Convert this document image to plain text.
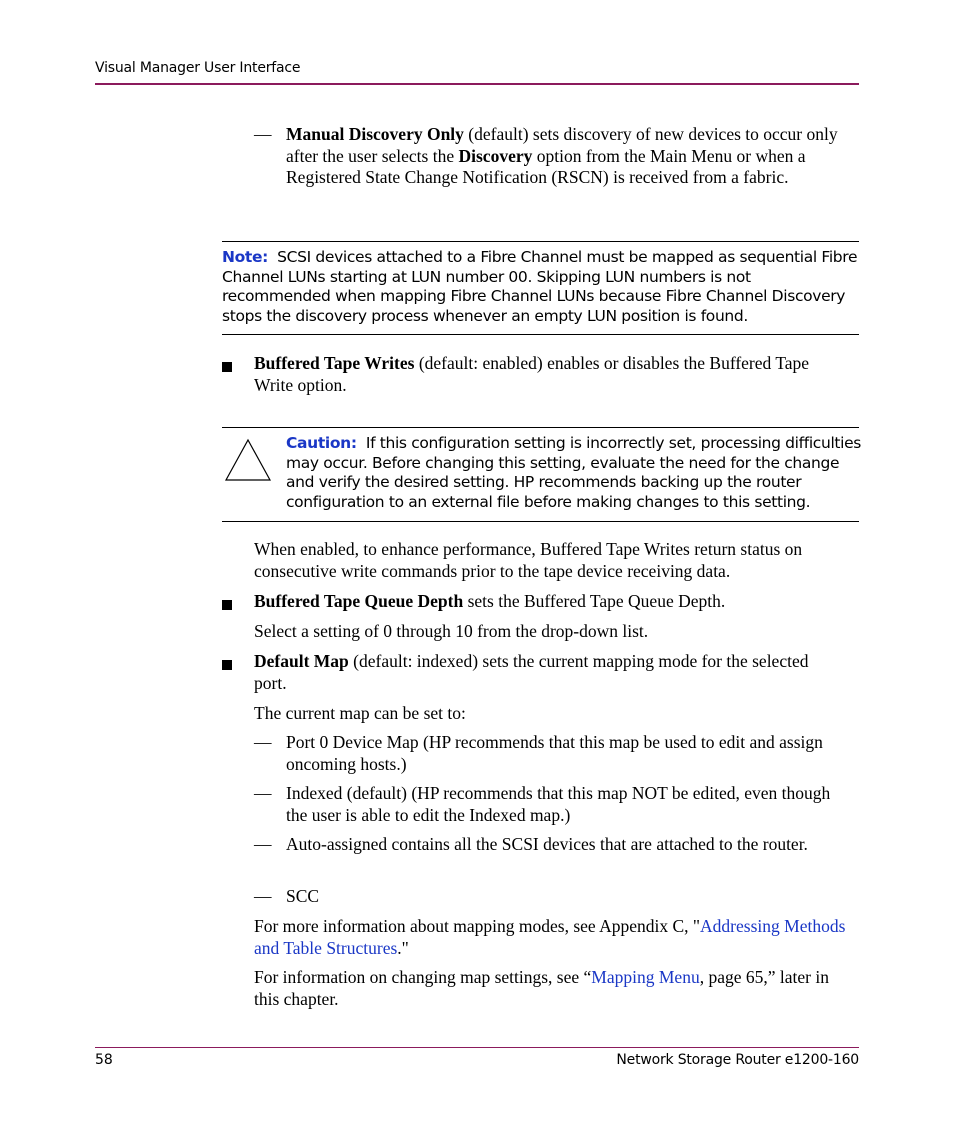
Visual Manager User Interface
— Manual Discovery Only (default) sets discovery of new devices to occur only after the user selects the Discovery option from the Main Menu or when a Registered State Change Notification (RSCN) is received from a fabric.
Note: SCSI devices attached to a Fibre Channel must be mapped as sequential Fibre Channel LUNs starting at LUN number 00. Skipping LUN numbers is not recommended when mapping Fibre Channel LUNs because Fibre Channel Discovery stops the discovery process whenever an empty LUN position is found.
Buffered Tape Writes (default: enabled) enables or disables the Buffered Tape Write option.
Caution: If this configuration setting is incorrectly set, processing difficulties may occur. Before changing this setting, evaluate the need for the change and verify the desired setting. HP recommends backing up the router configuration to an external file before making changes to this setting.
When enabled, to enhance performance, Buffered Tape Writes return status on consecutive write commands prior to the tape device receiving data.
Buffered Tape Queue Depth sets the Buffered Tape Queue Depth.
Select a setting of 0 through 10 from the drop-down list.
Default Map (default: indexed) sets the current mapping mode for the selected port.
The current map can be set to:
— Port 0 Device Map (HP recommends that this map be used to edit and assign oncoming hosts.)
— Indexed (default) (HP recommends that this map NOT be edited, even though the user is able to edit the Indexed map.)
— Auto-assigned contains all the SCSI devices that are attached to the router.
— SCC
For more information about mapping modes, see Appendix C, "Addressing Methods and Table Structures."
For information on changing map settings, see “Mapping Menu, page 65,” later in this chapter.
58	Network Storage Router e1200-160
